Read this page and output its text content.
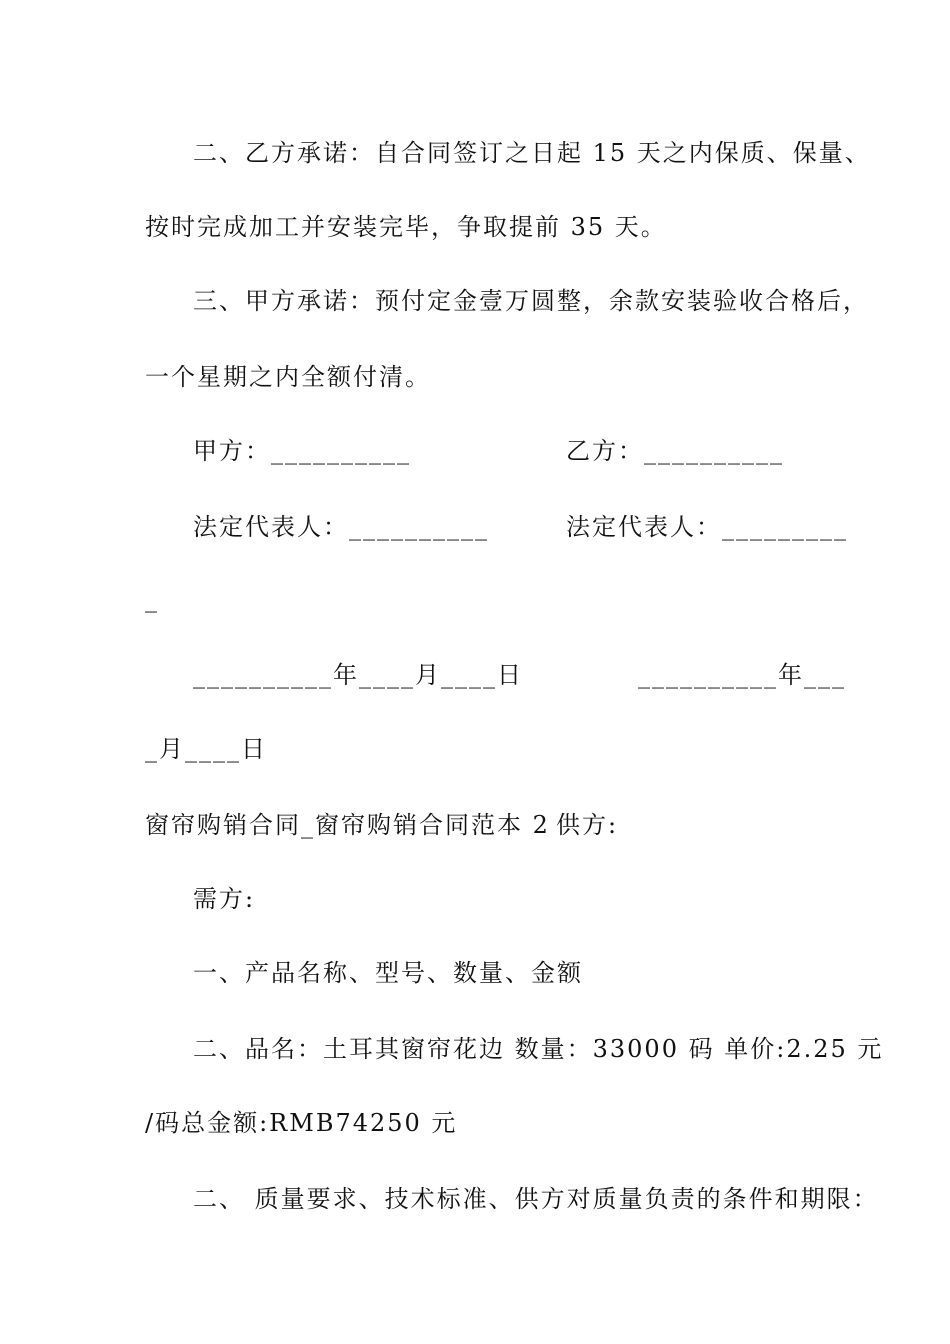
二、乙方承诺：自合同签订之日起 15 天之内保质、保量、
按时完成加工并安装完毕，争取提前 35 天。
三、甲方承诺：预付定金壹万圆整，余款安装验收合格后，
一个星期之内全额付清。
甲方：__________	乙方：__________
法定代表人：__________	法定代表人：_________
_
__________年____月____日	__________年___
_月____日
窗帘购销合同_窗帘购销合同范本 2 供方:
需方:
一、产品名称、型号、数量、金额
二、品名：土耳其窗帘花边 数量：33000 码 单价:2.25 元
/码总金额:RMB74250 元
二、 质量要求、技术标准、供方对质量负责的条件和期限：
